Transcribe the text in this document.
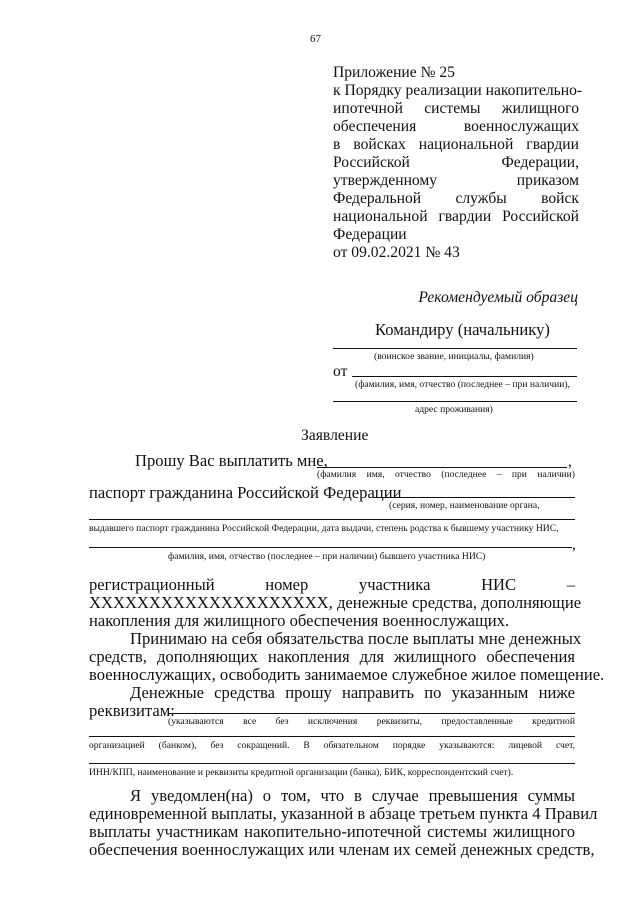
67
Приложение № 25
к Порядку реализации накопительно-
ипотечной системы жилищного
обеспечения военнослужащих
в войсках национальной гвардии
Российской Федерации,
утвержденному приказом
Федеральной службы войск
национальной гвардии Российской
Федерации
от 09.02.2021 № 43
Рекомендуемый образец
Командиру (начальнику)
(воинское звание, инициалы, фамилия)
от
(фамилия, имя, отчество (последнее – при наличии),
адрес проживания)
Заявление
Прошу Вас выплатить мне,	,
(фамилия имя, отчество (последнее – при наличии)
паспорт гражданина Российской Федерации
(серия, номер, наименование органа,
выдавшего паспорт гражданина Российской Федерации, дата выдачи, степень родства к бывшему участнику НИС,
,
фамилия, имя, отчество (последнее – при наличии) бывшего участника НИС)
регистрационный номер участника НИС –
XXXXXXXXXXXXXXXXXXXX, денежные средства, дополняющие
накопления для жилищного обеспечения военнослужащих.
Принимаю на себя обязательства после выплаты мне денежных
средств, дополняющих накопления для жилищного обеспечения
военнослужащих, освободить занимаемое служебное жилое помещение.
Денежные средства прошу направить по указанным ниже
реквизитам:
(указываются все без исключения реквизиты, предоставленные кредитной
организацией (банком), без сокращений. В обязательном порядке указываются: лицевой счет,
ИНН/КПП, наименование и реквизиты кредитной организации (банка), БИК, корреспондентский счет).
Я уведомлен(на) о том, что в случае превышения суммы
единовременной выплаты, указанной в абзаце третьем пункта 4 Правил
выплаты участникам накопительно-ипотечной системы жилищного
обеспечения военнослужащих или членам их семей денежных средств,
